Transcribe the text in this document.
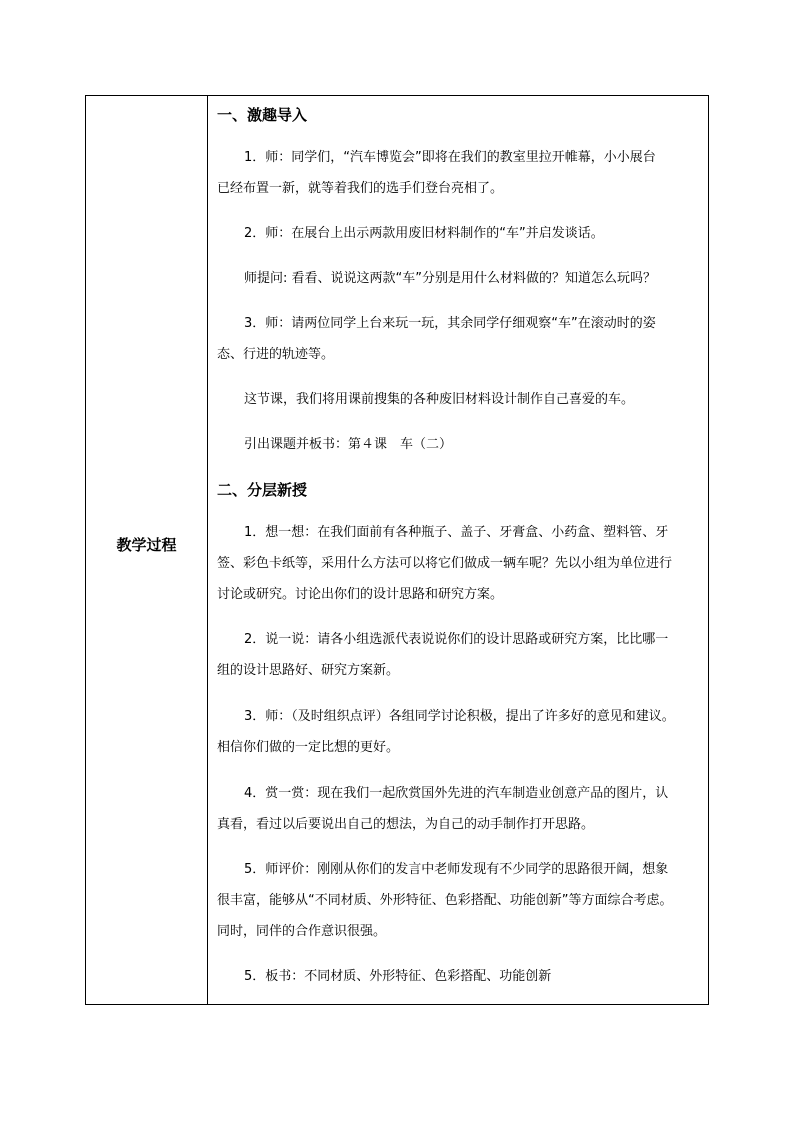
教学过程
一、激趣导入
1．师：同学们，“汽车博览会”即将在我们的教室里拉开帷幕，小小展台
已经布置一新，就等着我们的选手们登台亮相了。
2．师：在展台上出示两款用废旧材料制作的“车”并启发谈话。
师提问: 看看、说说这两款“车”分别是用什么材料做的？知道怎么玩吗？
3．师：请两位同学上台来玩一玩，其余同学仔细观察“车”在滚动时的姿
态、行进的轨迹等。
这节课，我们将用课前搜集的各种废旧材料设计制作自己喜爱的车。
引出课题并板书：第４课　车（二）
二、分层新授
1．想一想：在我们面前有各种瓶子、盖子、牙膏盒、小药盒、塑料管、牙
签、彩色卡纸等，采用什么方法可以将它们做成一辆车呢？先以小组为单位进行
讨论或研究。讨论出你们的设计思路和研究方案。
2．说一说：请各小组选派代表说说你们的设计思路或研究方案，比比哪一
组的设计思路好、研究方案新。
3．师：（及时组织点评）各组同学讨论积极，提出了许多好的意见和建议。
相信你们做的一定比想的更好。
4．赏一赏：现在我们一起欣赏国外先进的汽车制造业创意产品的图片，认
真看，看过以后要说出自己的想法，为自己的动手制作打开思路。
5．师评价：刚刚从你们的发言中老师发现有不少同学的思路很开阔，想象
很丰富，能够从“不同材质、外形特征、色彩搭配、功能创新”等方面综合考虑。
同时，同伴的合作意识很强。
5．板书：不同材质、外形特征、色彩搭配、功能创新
